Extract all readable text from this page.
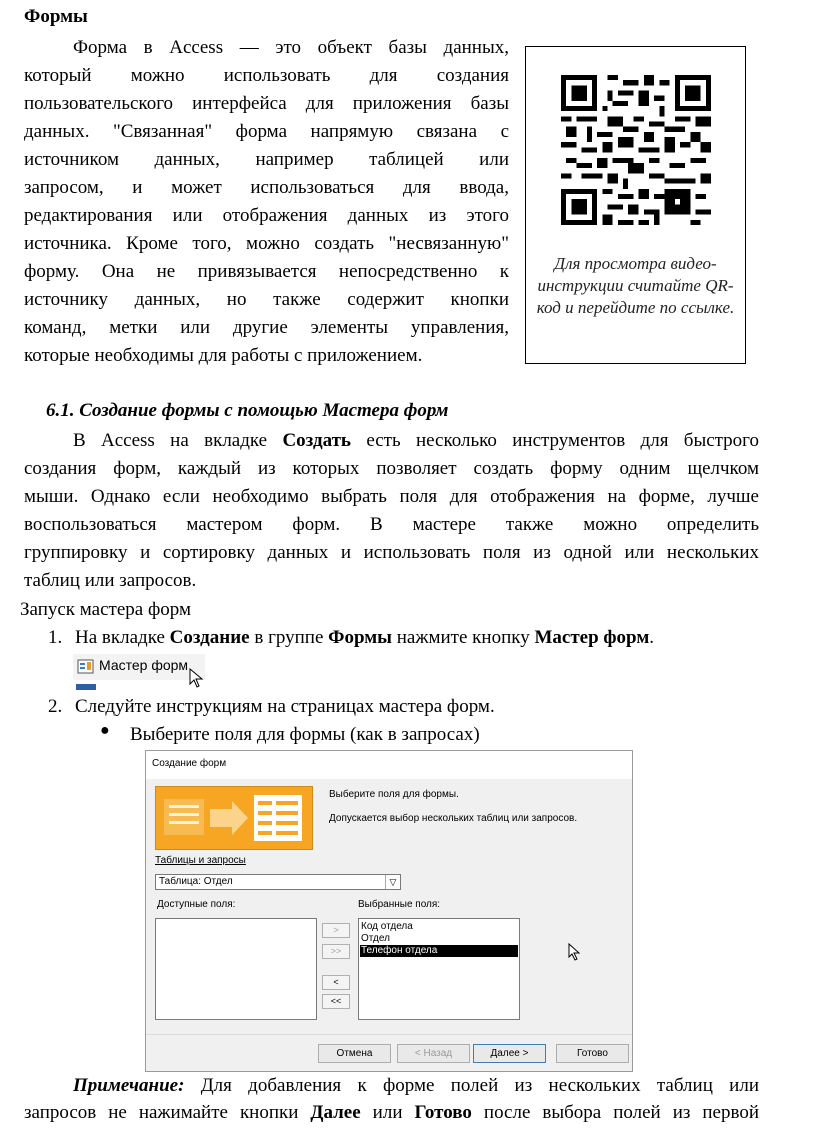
Формы
Форма в Access — это объект базы данных,
который можно использовать для создания
пользовательского интерфейса для приложения базы
данных. "Связанная" форма напрямую связана с
источником данных, например таблицей или
запросом, и может использоваться для ввода,
редактирования или отображения данных из этого
источника. Кроме того, можно создать "несвязанную"
форму. Она не привязывается непосредственно к
источнику данных, но также содержит кнопки
команд, метки или другие элементы управления,
которые необходимы для работы с приложением.
Для просмотра видео-инструкции считайте QR-код и перейдите по ссылке.
6.1. Создание формы с помощью Мастера форм
В Access на вкладке Создать есть несколько инструментов для быстрого
создания форм, каждый из которых позволяет создать форму одним щелчком
мыши. Однако если необходимо выбрать поля для отображения на форме, лучше
воспользоваться мастером форм. В мастере также можно определить
группировку и сортировку данных и использовать поля из одной или нескольких
таблиц или запросов.
Запуск мастера форм
1. На вкладке Создание в группе Формы нажмите кнопку Мастер форм.
Мастер форм
2. Следуйте инструкциям на страницах мастера форм.
● Выберите поля для формы (как в запросах)
Создание форм
Выберите поля для формы.
Допускается выбор нескольких таблиц или запросов.
Таблицы и запросы
Таблица: Отдел	▽
Доступные поля:	Выбранные поля:
Код отдела
Отдел
Телефон отдела
>
>>
<
<<
Отмена	< Назад	Далее >	Готово
Примечание: Для добавления к форме полей из нескольких таблиц или
запросов не нажимайте кнопки Далее или Готово после выбора полей из первой
